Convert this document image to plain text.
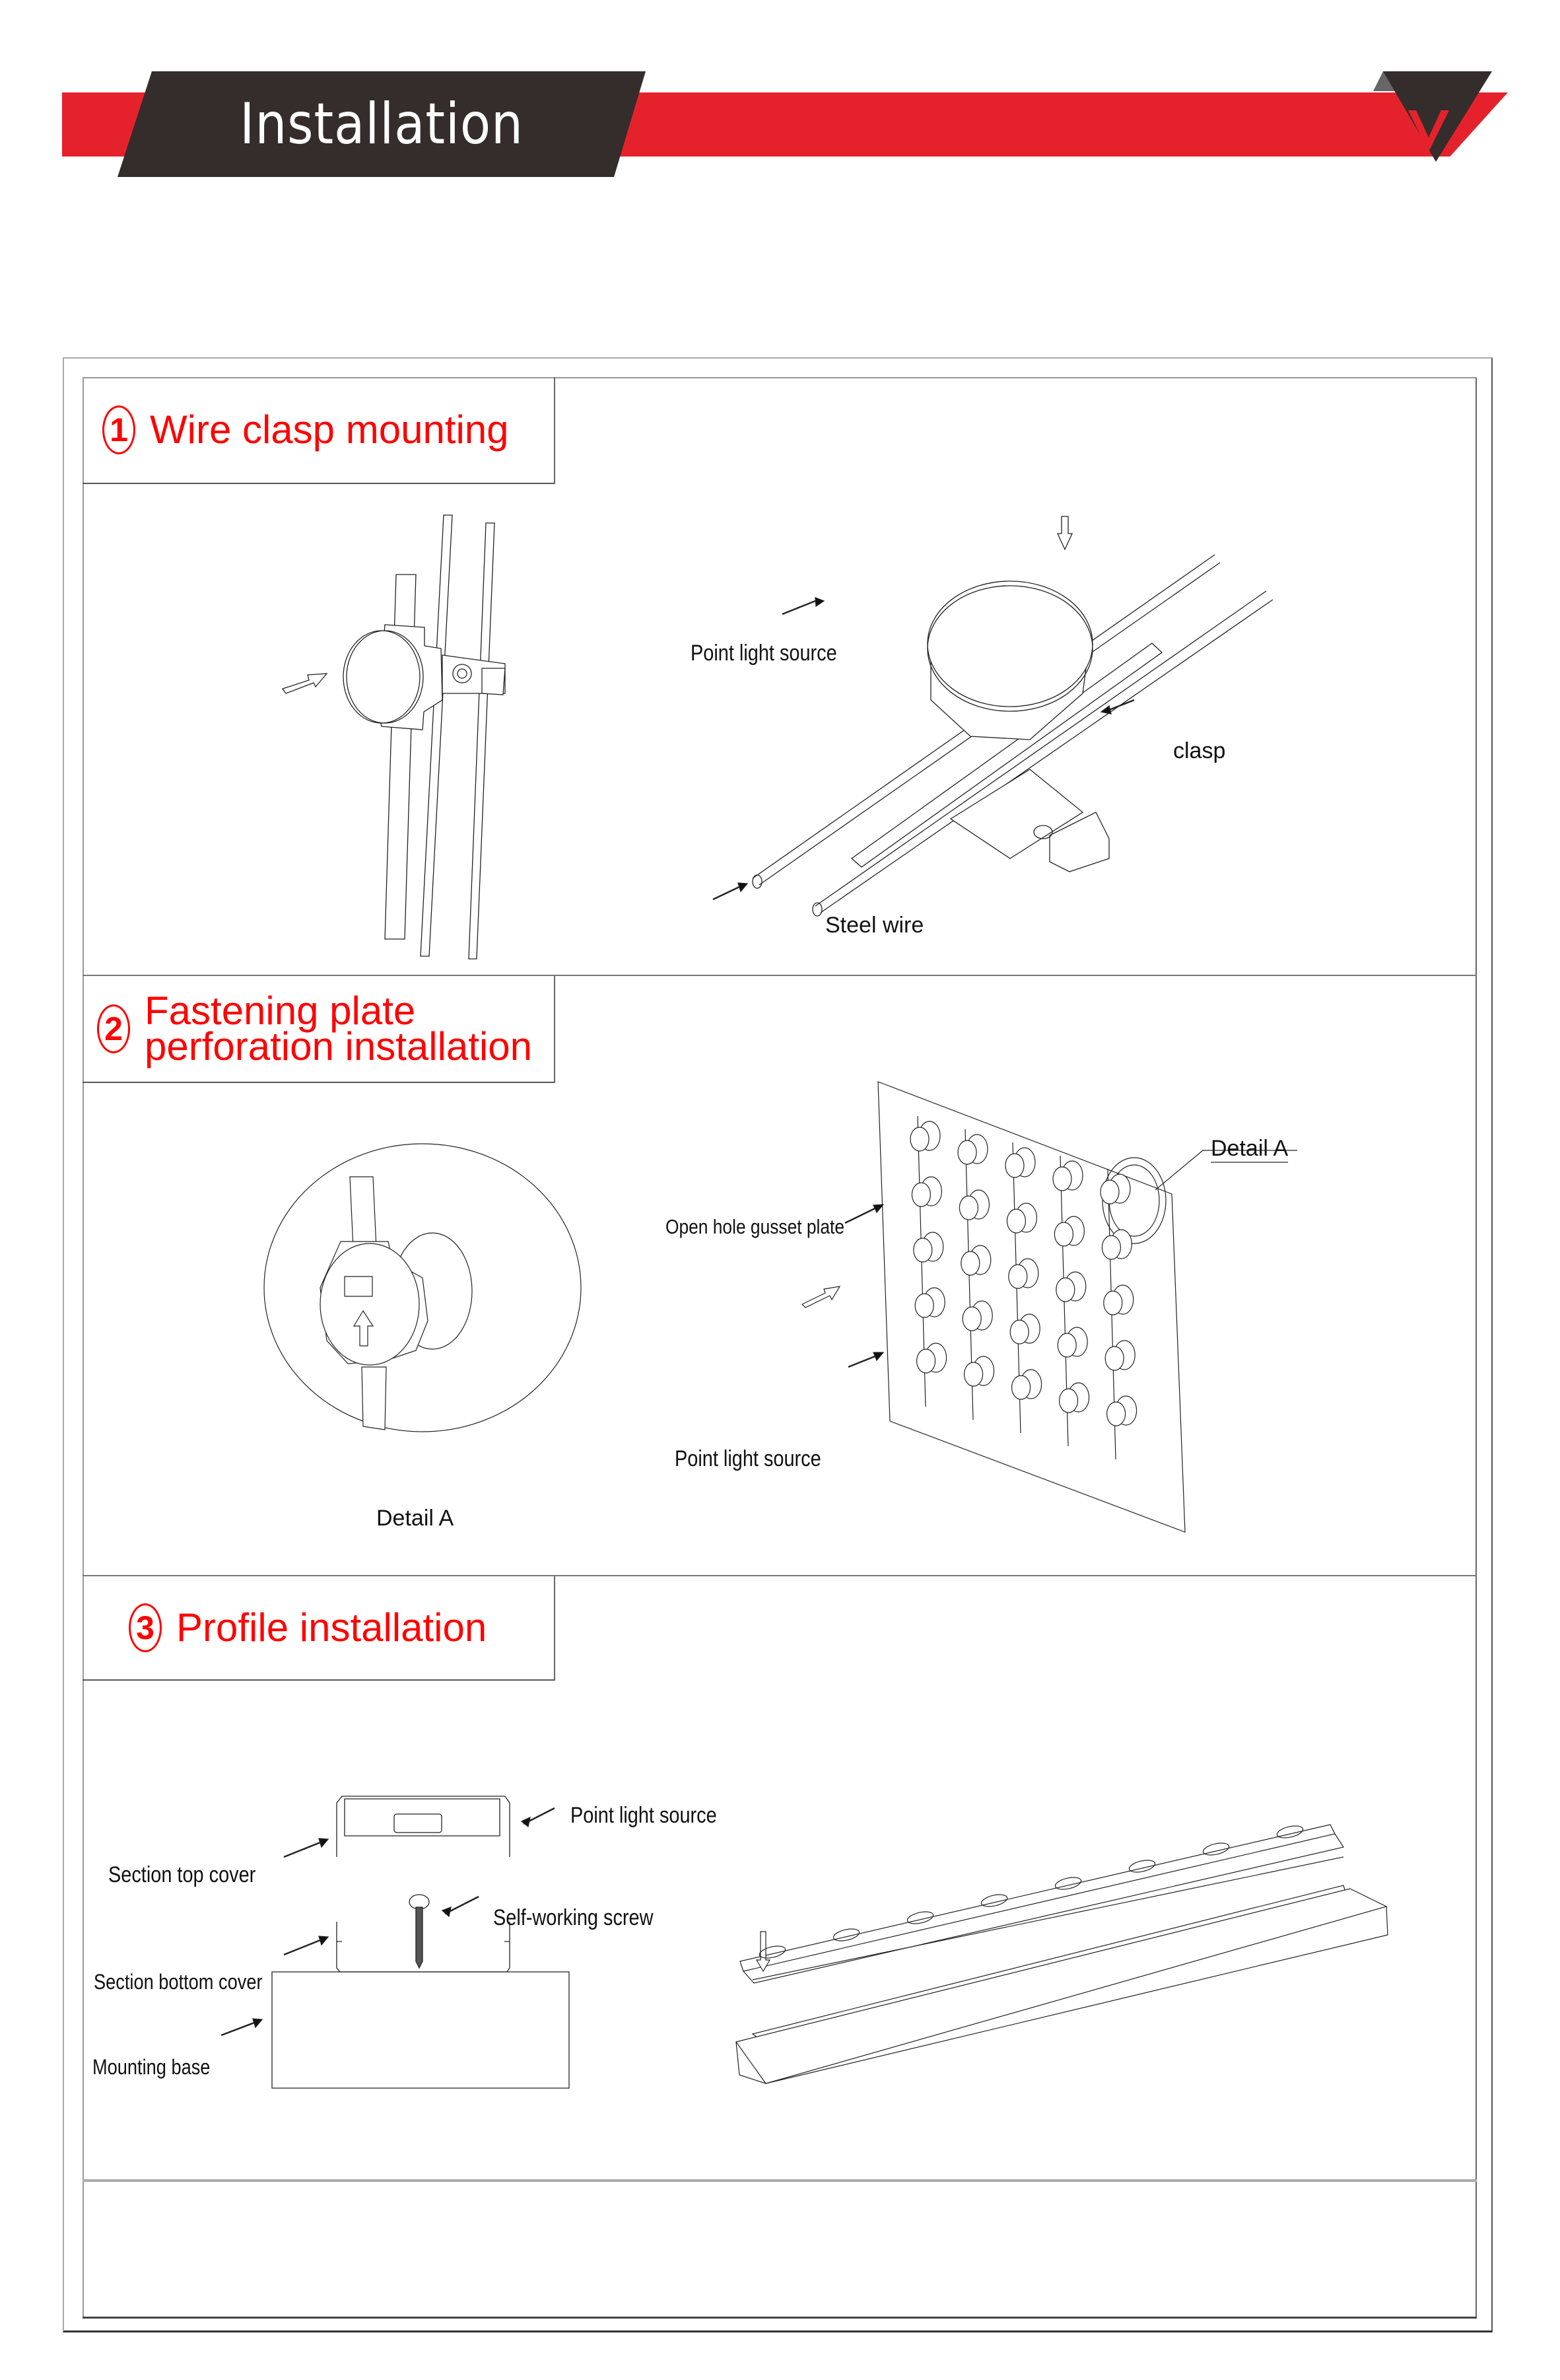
Installation
1 Wire clasp mounting
Point light source
clasp
Steel wire
2 Fastening plate
perforation installation
Detail A
Detail A
Open hole gusset plate
Point light source
3 Profile installation
Point light source
Section top cover
Self-working screw
Section bottom cover
Mounting base
